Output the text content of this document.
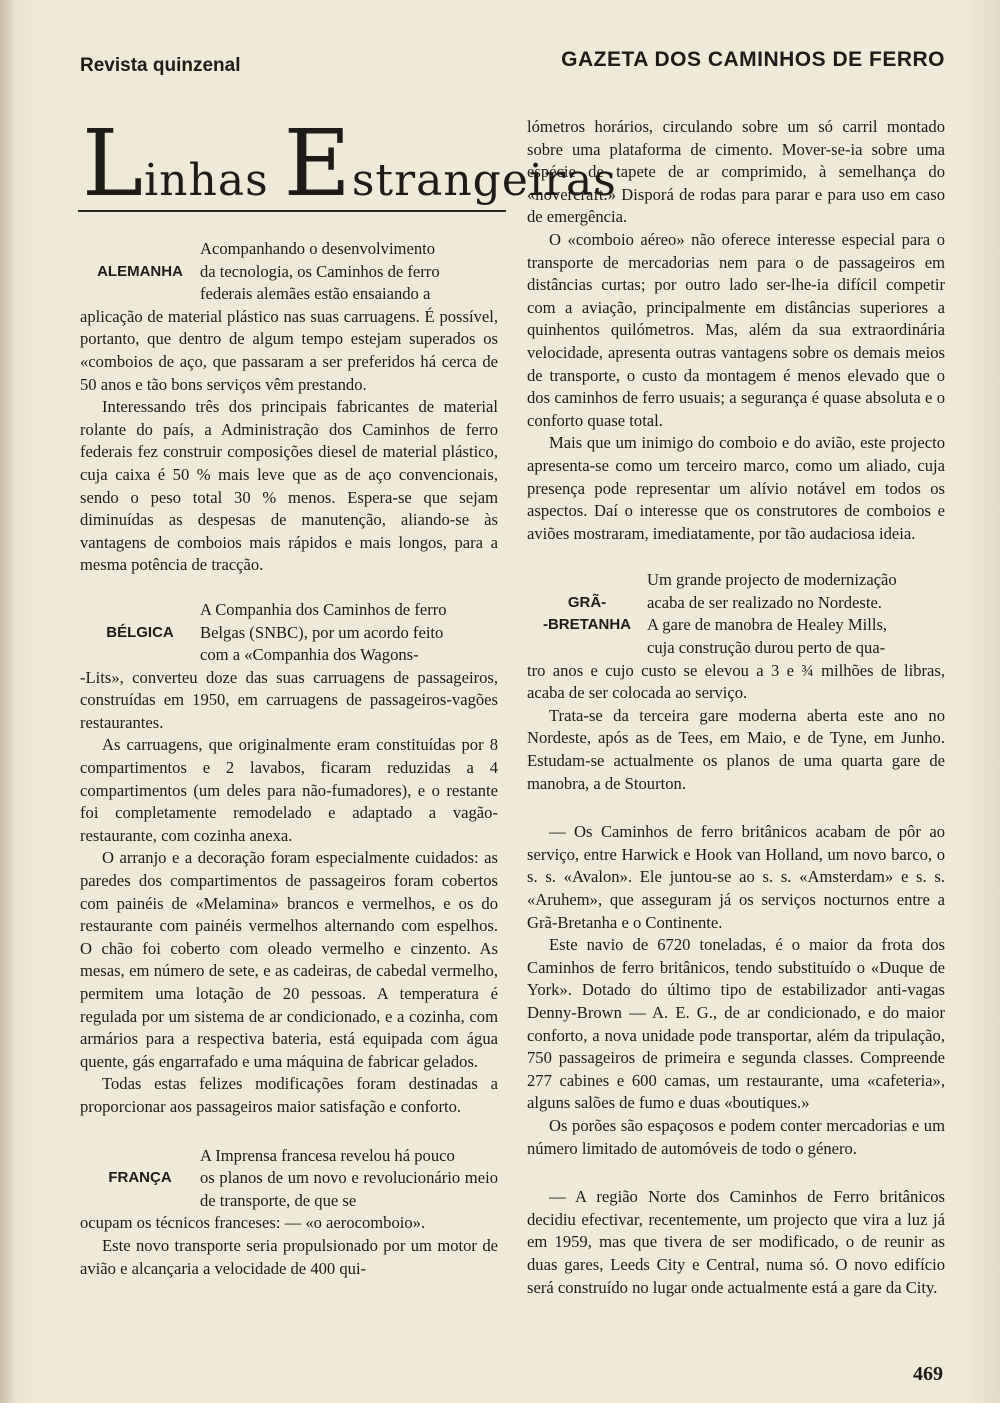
Revista quinzenal	GAZETA DOS CAMINHOS DE FERRO
Linhas Estrangeiras
ALEMANHA
Acompanhando o desenvolvimento
da tecnologia, os Caminhos de ferro
federais alemães estão ensaiando a

aplicação de material plástico nas suas carruagens. É possível, portanto, que dentro de algum tempo estejam superados os «comboios de aço, que passaram a ser preferidos há cerca de 50 anos e tão bons serviços vêm prestando.

Interessando três dos principais fabricantes de material rolante do país, a Administração dos Caminhos de ferro federais fez construir composições diesel de material plástico, cuja caixa é 50 % mais leve que as de aço convencionais, sendo o peso total 30 % menos. Espera-se que sejam diminuídas as despesas de manutenção, aliando-se às vantagens de comboios mais rápidos e mais longos, para a mesma potência de tracção.

BÉLGICA
A Companhia dos Caminhos de ferro
Belgas (SNBC), por um acordo feito
com a «Companhia dos Wagons-

-Lits», converteu doze das suas carruagens de passageiros, construídas em 1950, em carruagens de passageiros-vagões restaurantes.

As carruagens, que originalmente eram constituídas por 8 compartimentos e 2 lavabos, ficaram reduzidas a 4 compartimentos (um deles para não-fumadores), e o restante foi completamente remodelado e adaptado a vagão-restaurante, com cozinha anexa.

O arranjo e a decoração foram especialmente cuidados: as paredes dos compartimentos de passageiros foram cobertos com painéis de «Melamina» brancos e vermelhos, e os do restaurante com painéis vermelhos alternando com espelhos. O chão foi coberto com oleado vermelho e cinzento. As mesas, em número de sete, e as cadeiras, de cabedal vermelho, permitem uma lotação de 20 pessoas. A temperatura é regulada por um sistema de ar condicionado, e a cozinha, com armários para a respectiva bateria, está equipada com água quente, gás engarrafado e uma máquina de fabricar gelados.

Todas estas felizes modificações foram destinadas a proporcionar aos passageiros maior satisfação e conforto.

FRANÇA
A Imprensa francesa revelou há pouco
os planos de um novo e revolucionário meio de transporte, de que se

ocupam os técnicos franceses: — «o aerocomboio».

Este novo transporte seria propulsionado por um motor de avião e alcançaria a velocidade de 400 qui-

lómetros horários, circulando sobre um só carril montado sobre uma plataforma de cimento. Mover-se-ia sobre uma espécie de tapete de ar comprimido, à semelhança do «hovercraft.» Disporá de rodas para parar e para uso em caso de emergência.

O «comboio aéreo» não oferece interesse especial para o transporte de mercadorias nem para o de passageiros em distâncias curtas; por outro lado ser-lhe-ia difícil competir com a aviação, principalmente em distâncias superiores a quinhentos quilómetros. Mas, além da sua extraordinária velocidade, apresenta outras vantagens sobre os demais meios de transporte, o custo da montagem é menos elevado que o dos caminhos de ferro usuais; a segurança é quase absoluta e o conforto quase total.

Mais que um inimigo do comboio e do avião, este projecto apresenta-se como um terceiro marco, como um aliado, cuja presença pode representar um alívio notável em todos os aspectos. Daí o interesse que os construtores de comboios e aviões mostraram, imediatamente, por tão audaciosa ideia.

GRÃ-
-BRETANHA
Um grande projecto de modernização
acaba de ser realizado no Nordeste.
A gare de manobra de Healey Mills,
cuja construção durou perto de qua-

tro anos e cujo custo se elevou a 3 e ¾ milhões de libras, acaba de ser colocada ao serviço.

Trata-se da terceira gare moderna aberta este ano no Nordeste, após as de Tees, em Maio, e de Tyne, em Junho. Estudam-se actualmente os planos de uma quarta gare de manobra, a de Stourton.

— Os Caminhos de ferro britânicos acabam de pôr ao serviço, entre Harwick e Hook van Holland, um novo barco, o s. s. «Avalon». Ele juntou-se ao s. s. «Amsterdam» e s. s. «Aruhem», que asseguram já os serviços nocturnos entre a Grã-Bretanha e o Continente.

Este navio de 6720 toneladas, é o maior da frota dos Caminhos de ferro britânicos, tendo substituído o «Duque de York». Dotado do último tipo de estabilizador anti-vagas Denny-Brown — A. E. G., de ar condicionado, e do maior conforto, a nova unidade pode transportar, além da tripulação, 750 passageiros de primeira e segunda classes. Compreende 277 cabines e 600 camas, um restaurante, uma «cafeteria», alguns salões de fumo e duas «boutiques.»

Os porões são espaçosos e podem conter mercadorias e um número limitado de automóveis de todo o género.

— A região Norte dos Caminhos de Ferro britânicos decidiu efectivar, recentemente, um projecto que vira a luz já em 1959, mas que tivera de ser modificado, o de reunir as duas gares, Leeds City e Central, numa só. O novo edifício será construído no lugar onde actualmente está a gare da City.

469
